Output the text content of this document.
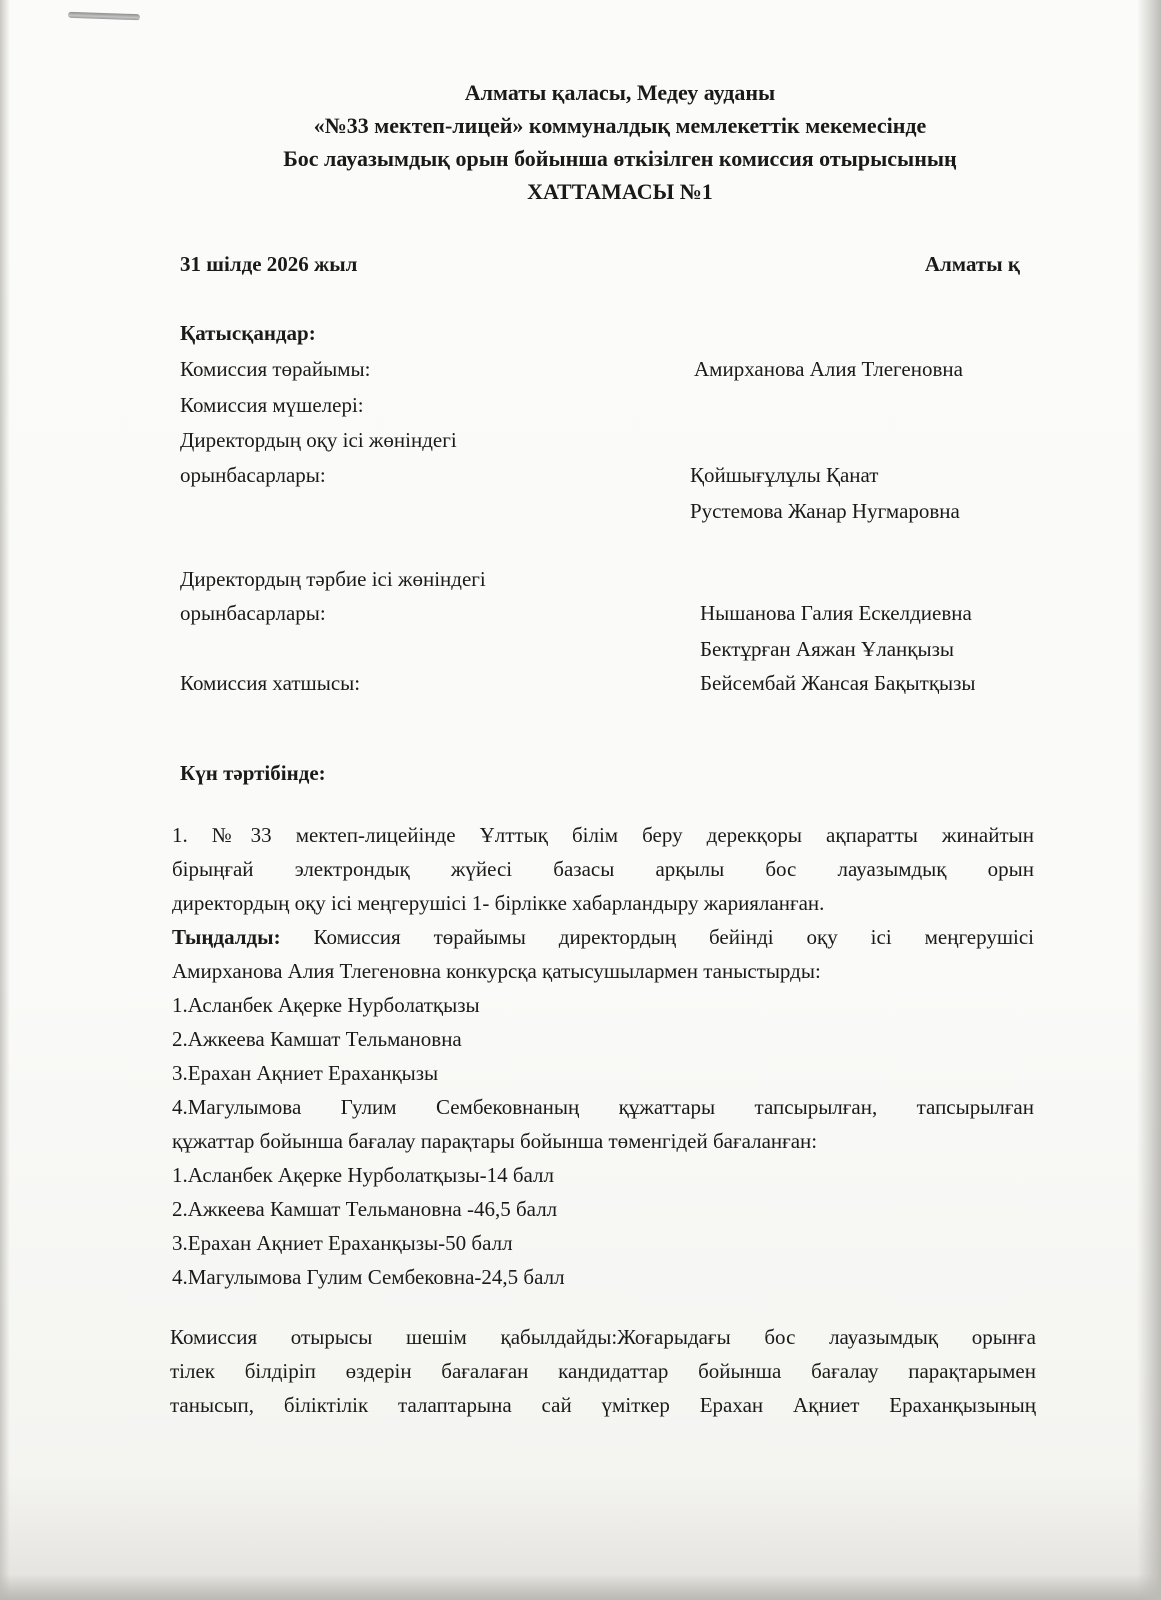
Алматы қаласы, Медеу ауданы
«№33 мектеп-лицей» коммуналдық мемлекеттік мекемесінде
Бос лауазымдық орын бойынша өткізілген комиссия отырысының
ХАТТАМАСЫ №1
31 шілде 2026 жыл	Алматы қ
Қатысқандар:
Комиссия төрайымы:	Амирханова Алия Тлегеновна
Комиссия мүшелері:
Директордың оқу ісі жөніндегі
орынбасарлары:	Қойшығұлұлы Қанат
Рустемова Жанар Нугмаровна
Директордың тәрбие ісі жөніндегі
орынбасарлары:	Нышанова Галия Ескелдиевна
Бектұрған Аяжан Ұланқызы
Комиссия хатшысы:	Бейсембай Жансая Бақытқызы
Күн тәртібінде:
1. №33 мектеп-лицейінде Ұлттық білім беру дерекқоры ақпаратты жинайтын
бірыңғай электрондық жүйесі базасы арқылы бос лауазымдық орын
директордың оқу ісі меңгерушісі 1- бірлікке хабарландыру жарияланған.
Тыңдалды: Комиссия төрайымы директордың бейінді оқу ісі меңгерушісі
Амирханова Алия Тлегеновна конкурсқа қатысушылармен таныстырды:
1.Асланбек Ақерке Нурболатқызы
2.Ажкеева Камшат Тельмановна
3.Ерахан Ақниет Ераханқызы
4.Магулымова Гулим Сембековнаның құжаттары тапсырылған, тапсырылған
құжаттар бойынша бағалау парақтары бойынша төменгідей бағаланған:
1.Асланбек Ақерке Нурболатқызы-14 балл
2.Ажкеева Камшат Тельмановна -46,5 балл
3.Ерахан Ақниет Ераханқызы-50 балл
4.Магулымова Гулим Сембековна-24,5 балл
Комиссия отырысы шешім қабылдайды:Жоғарыдағы бос лауазымдық орынға
тілек білдіріп өздерін бағалаған кандидаттар бойынша бағалау парақтарымен
танысып, біліктілік талаптарына сай үміткер Ерахан Ақниет Ераханқызының
